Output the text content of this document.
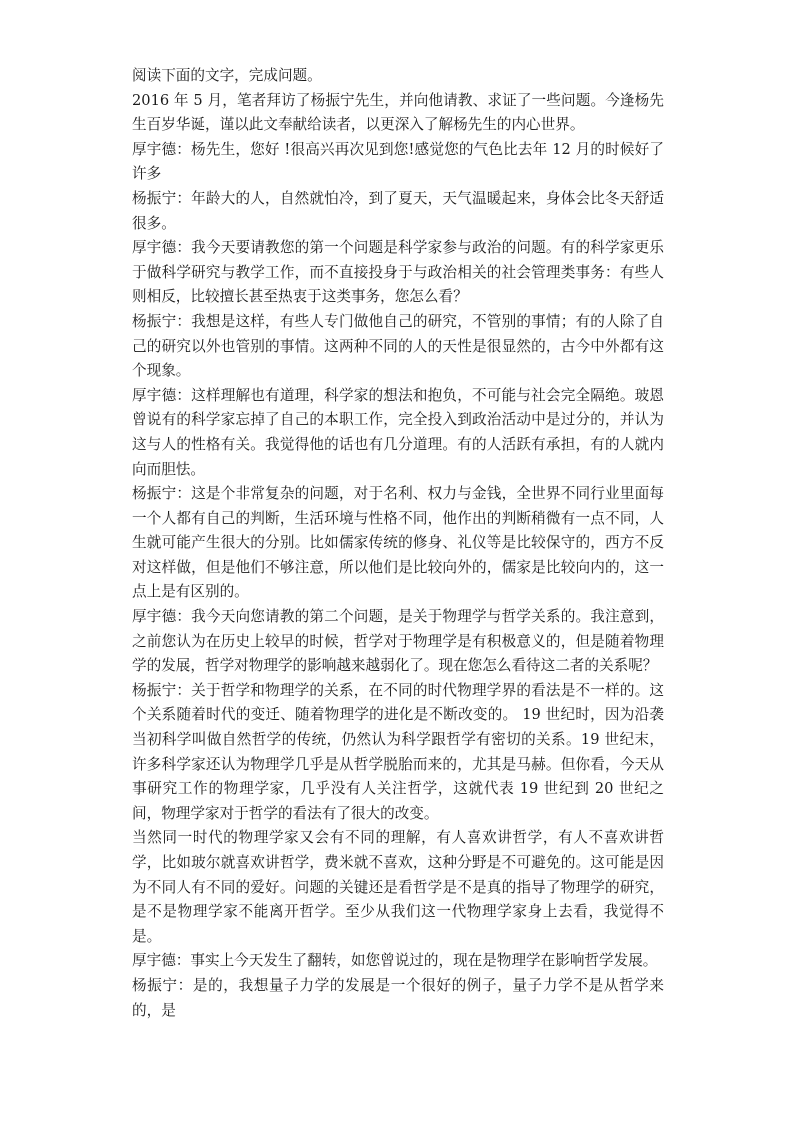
阅读下面的文字，完成问题。

2016 年 5 月，笔者拜访了杨振宁先生，并向他请教、求证了一些问题。今逢杨先生百岁华诞，谨以此文奉献给读者，以更深入了解杨先生的内心世界。

厚宇德：杨先生，您好 !很高兴再次见到您!感觉您的气色比去年 12 月的时候好了许多

杨振宁：年龄大的人，自然就怕冷，到了夏天，天气温暖起来，身体会比冬天舒适很多。

厚宇德：我今天要请教您的第一个问题是科学家参与政治的问题。有的科学家更乐于做科学研究与教学工作，而不直接投身于与政治相关的社会管理类事务：有些人则相反，比较擅长甚至热衷于这类事务，您怎么看？

杨振宁：我想是这样，有些人专门做他自己的研究，不管别的事情；有的人除了自己的研究以外也管别的事情。这两种不同的人的天性是很显然的，古今中外都有这个现象。

厚宇德：这样理解也有道理，科学家的想法和抱负，不可能与社会完全隔绝。玻恩曾说有的科学家忘掉了自己的本职工作，完全投入到政治活动中是过分的，并认为这与人的性格有关。我觉得他的话也有几分道理。有的人活跃有承担，有的人就内向而胆怯。

杨振宁：这是个非常复杂的问题，对于名利、权力与金钱，全世界不同行业里面每一个人都有自己的判断，生活环境与性格不同，他作出的判断稍微有一点不同，人生就可能产生很大的分别。比如儒家传统的修身、礼仪等是比较保守的，西方不反对这样做，但是他们不够注意，所以他们是比较向外的，儒家是比较向内的，这一点上是有区别的。

厚宇德：我今天向您请教的第二个问题，是关于物理学与哲学关系的。我注意到，之前您认为在历史上较早的时候，哲学对于物理学是有积极意义的，但是随着物理学的发展，哲学对物理学的影响越来越弱化了。现在您怎么看待这二者的关系呢？

杨振宁：关于哲学和物理学的关系，在不同的时代物理学界的看法是不一样的。这个关系随着时代的变迁、随着物理学的进化是不断改变的。 19 世纪时，因为沿袭当初科学叫做自然哲学的传统，仍然认为科学跟哲学有密切的关系。19 世纪末，许多科学家还认为物理学几乎是从哲学脱胎而来的，尤其是马赫。但你看，今天从事研究工作的物理学家，几乎没有人关注哲学，这就代表 19 世纪到 20 世纪之间，物理学家对于哲学的看法有了很大的改变。

当然同一时代的物理学家又会有不同的理解，有人喜欢讲哲学，有人不喜欢讲哲学，比如玻尔就喜欢讲哲学，费米就不喜欢，这种分野是不可避免的。这可能是因为不同人有不同的爱好。问题的关键还是看哲学是不是真的指导了物理学的研究，是不是物理学家不能离开哲学。至少从我们这一代物理学家身上去看，我觉得不是。

厚宇德：事实上今天发生了翻转，如您曾说过的，现在是物理学在影响哲学发展。

杨振宁：是的，我想量子力学的发展是一个很好的例子，量子力学不是从哲学来的，是
